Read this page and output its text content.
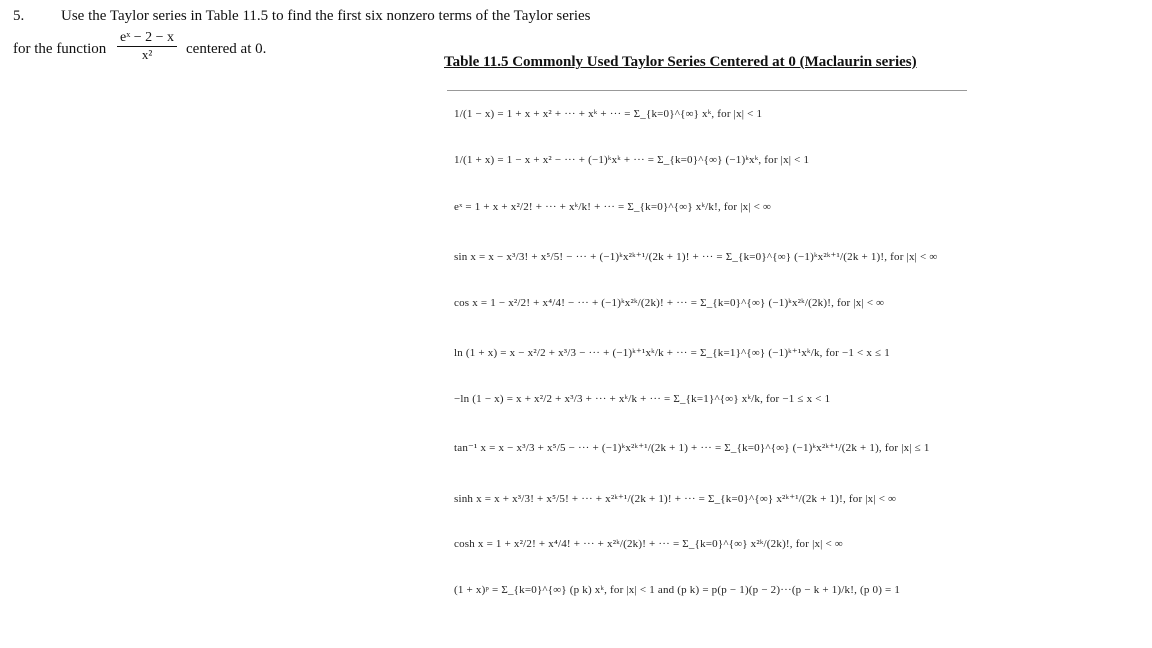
5. Use the Taylor series in Table 11.5 to find the first six nonzero terms of the Taylor series
for the function $\frac{\text{eˣ − 2 − x}}{\text{x²}}$ centered at 0.
Table 11.5 Commonly Used Taylor Series Centered at 0 (Maclaurin series)
1/(1 − x) = 1 + x + x² + ··· + xᵏ + ··· = Σ_{k=0}^{∞} xᵏ, for |x| < 1
1/(1 + x) = 1 − x + x² − ··· + (−1)ᵏxᵏ + ··· = Σ_{k=0}^{∞} (−1)ᵏxᵏ, for |x| < 1
eˣ = 1 + x + x²/2! + ··· + xᵏ/k! + ··· = Σ_{k=0}^{∞} xᵏ/k!, for |x| < ∞
sin x = x − x³/3! + x⁵/5! − ··· + (−1)ᵏx²ᵏ⁺¹/(2k + 1)! + ··· = Σ_{k=0}^{∞} (−1)ᵏx²ᵏ⁺¹/(2k + 1)!, for |x| < ∞
cos x = 1 − x²/2! + x⁴/4! − ··· + (−1)ᵏx²ᵏ/(2k)! + ··· = Σ_{k=0}^{∞} (−1)ᵏx²ᵏ/(2k)!, for |x| < ∞
ln (1 + x) = x − x²/2 + x³/3 − ··· + (−1)ᵏ⁺¹xᵏ/k + ··· = Σ_{k=1}^{∞} (−1)ᵏ⁺¹xᵏ/k, for −1 < x ≤ 1
−ln (1 − x) = x + x²/2 + x³/3 + ··· + xᵏ/k + ··· = Σ_{k=1}^{∞} xᵏ/k, for −1 ≤ x < 1
tan⁻¹ x = x − x³/3 + x⁵/5 − ··· + (−1)ᵏx²ᵏ⁺¹/(2k + 1) + ··· = Σ_{k=0}^{∞} (−1)ᵏx²ᵏ⁺¹/(2k + 1), for |x| ≤ 1
sinh x = x + x³/3! + x⁵/5! + ··· + x²ᵏ⁺¹/(2k + 1)! + ··· = Σ_{k=0}^{∞} x²ᵏ⁺¹/(2k + 1)!, for |x| < ∞
cosh x = 1 + x²/2! + x⁴/4! + ··· + x²ᵏ/(2k)! + ··· = Σ_{k=0}^{∞} x²ᵏ/(2k)!, for |x| < ∞
(1 + x)ᵖ = Σ_{k=0}^{∞} (p k) xᵏ, for |x| < 1 and (p k) = p(p − 1)(p − 2)···(p − k + 1)/k!, (p 0) = 1
